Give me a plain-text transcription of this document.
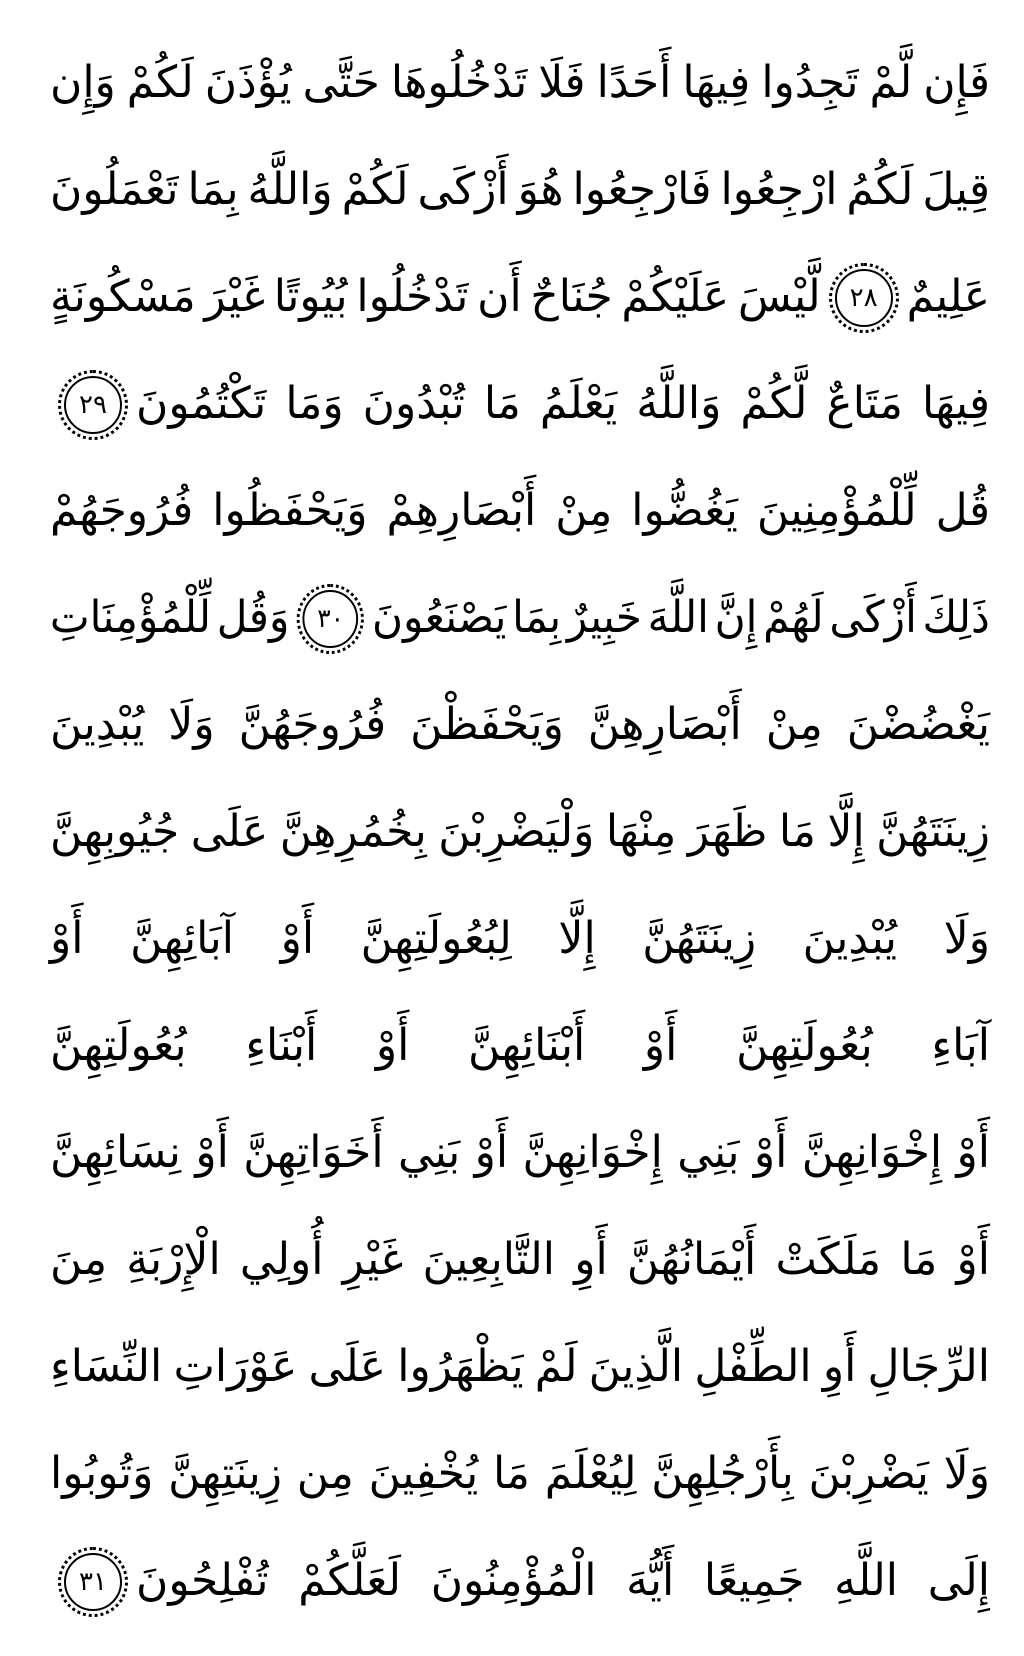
فَإِن لَّمْ تَجِدُوا فِيهَا أَحَدًا فَلَا تَدْخُلُوهَا حَتَّى يُؤْذَنَ لَكُمْ وَإِن
قِيلَ لَكُمُ ارْجِعُوا فَارْجِعُوا هُوَ أَزْكَى لَكُمْ وَاللَّهُ بِمَا تَعْمَلُونَ
عَلِيمٌ
٢٨
لَّيْسَ عَلَيْكُمْ جُنَاحٌ أَن تَدْخُلُوا بُيُوتًا غَيْرَ مَسْكُونَةٍ
فِيهَا مَتَاعٌ لَّكُمْ وَاللَّهُ يَعْلَمُ مَا تُبْدُونَ وَمَا تَكْتُمُونَ
٢٩
قُل لِّلْمُؤْمِنِينَ يَغُضُّوا مِنْ أَبْصَارِهِمْ وَيَحْفَظُوا فُرُوجَهُمْ
ذَلِكَ أَزْكَى لَهُمْ إِنَّ اللَّهَ خَبِيرٌ بِمَا يَصْنَعُونَ
٣٠
وَقُل لِّلْمُؤْمِنَاتِ
يَغْضُضْنَ مِنْ أَبْصَارِهِنَّ وَيَحْفَظْنَ فُرُوجَهُنَّ وَلَا يُبْدِينَ
زِينَتَهُنَّ إِلَّا مَا ظَهَرَ مِنْهَا وَلْيَضْرِبْنَ بِخُمُرِهِنَّ عَلَى جُيُوبِهِنَّ
وَلَا يُبْدِينَ زِينَتَهُنَّ إِلَّا لِبُعُولَتِهِنَّ أَوْ آبَائِهِنَّ أَوْ
آبَاءِ بُعُولَتِهِنَّ أَوْ أَبْنَائِهِنَّ أَوْ أَبْنَاءِ بُعُولَتِهِنَّ
أَوْ إِخْوَانِهِنَّ أَوْ بَنِي إِخْوَانِهِنَّ أَوْ بَنِي أَخَوَاتِهِنَّ أَوْ نِسَائِهِنَّ
أَوْ مَا مَلَكَتْ أَيْمَانُهُنَّ أَوِ التَّابِعِينَ غَيْرِ أُولِي الْإِرْبَةِ مِنَ
الرِّجَالِ أَوِ الطِّفْلِ الَّذِينَ لَمْ يَظْهَرُوا عَلَى عَوْرَاتِ النِّسَاءِ
وَلَا يَضْرِبْنَ بِأَرْجُلِهِنَّ لِيُعْلَمَ مَا يُخْفِينَ مِن زِينَتِهِنَّ وَتُوبُوا
إِلَى اللَّهِ جَمِيعًا أَيُّهَ الْمُؤْمِنُونَ لَعَلَّكُمْ تُفْلِحُونَ
٣١
